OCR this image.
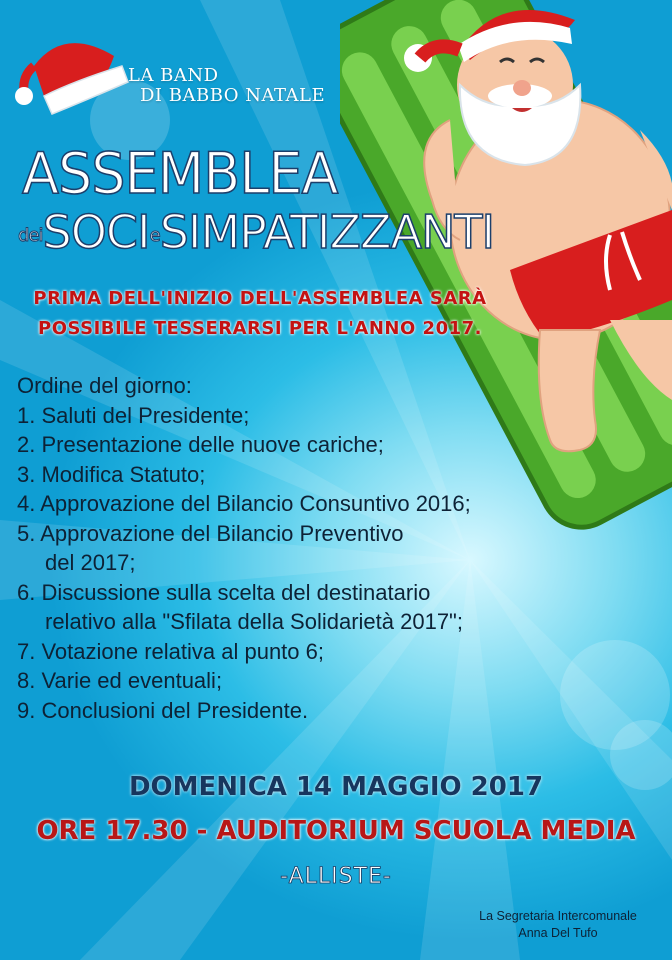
LA BAND
DI BABBO NATALE
ASSEMBLEA
deiSOCIeSIMPATIZZANTI
PRIMA DELL'INIZIO DELL'ASSEMBLEA SARÀ
POSSIBILE TESSERARSI PER L'ANNO 2017.
Ordine del giorno:
1. Saluti del Presidente;
2. Presentazione delle nuove cariche;
3. Modifica Statuto;
4. Approvazione del Bilancio Consuntivo 2016;
5. Approvazione del Bilancio Preventivo
del 2017;
6. Discussione sulla scelta del destinatario
relativo alla "Sfilata della Solidarietà 2017";
7. Votazione relativa al punto 6;
8. Varie ed eventuali;
9. Conclusioni del Presidente.
DOMENICA 14 MAGGIO 2017
ORE 17.30 - AUDITORIUM SCUOLA MEDIA
-ALLISTE-
La Segretaria Intercomunale
Anna Del Tufo
